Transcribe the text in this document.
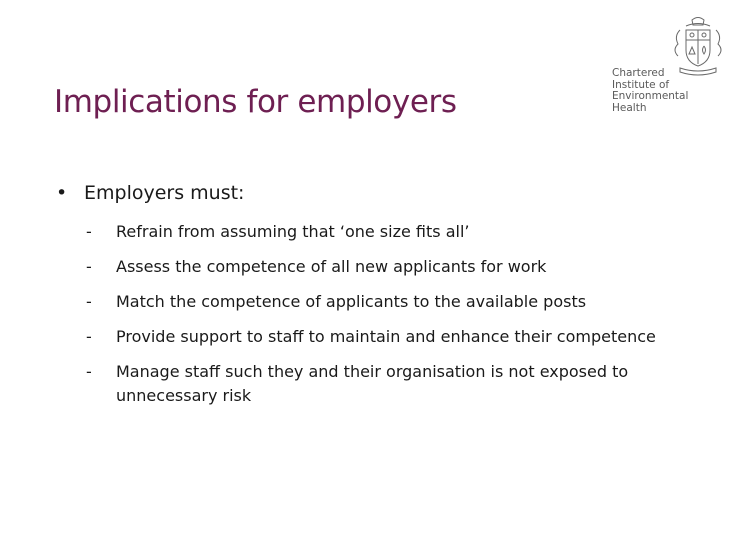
Implications for employers
Chartered
Institute of
Environmental
Health
• Employers must:
-	Refrain from assuming that ‘one size fits all’
-	Assess the competence of all new applicants for work
-	Match the competence of applicants to the available posts
-	Provide support to staff to maintain and enhance their competence
-	Manage staff such they and their organisation is not exposed to unnecessary risk
